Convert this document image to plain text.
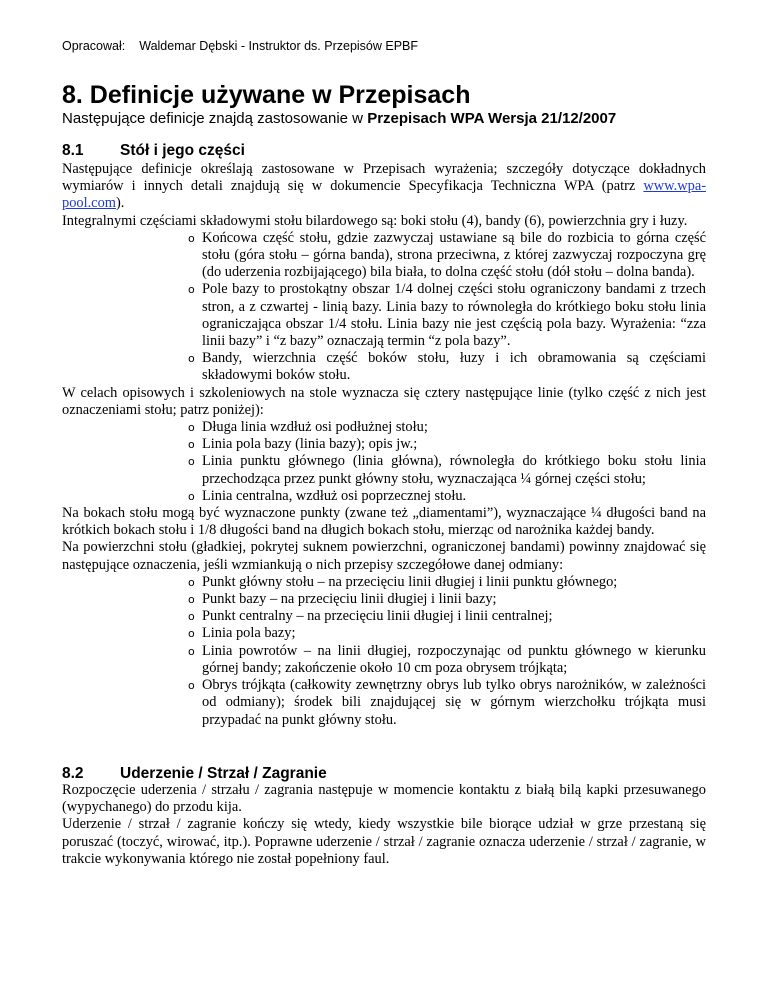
Opracował: Waldemar Dębski - Instruktor ds. Przepisów EPBF
8. Definicje używane w Przepisach
Następujące definicje znajdą zastosowanie w Przepisach WPA Wersja 21/12/2007
8.1 Stół i jego części

Następujące definicje określają zastosowane w Przepisach wyrażenia; szczegóły dotyczące dokładnych wymiarów i innych detali znajdują się w dokumencie Specyfikacja Techniczna WPA (patrz www.wpa-pool.com).

Integralnymi częściami składowymi stołu bilardowego są: boki stołu (4), bandy (6), powierzchnia gry i łuzy.

o Końcowa część stołu, gdzie zazwyczaj ustawiane są bile do rozbicia to górna część stołu (góra stołu – górna banda), strona przeciwna, z której zazwyczaj rozpoczyna grę (do uderzenia rozbijającego) bila biała, to dolna część stołu (dół stołu – dolna banda).
o Pole bazy to prostokątny obszar 1/4 dolnej części stołu ograniczony bandami z trzech stron, a z czwartej - linią bazy. Linia bazy to równoległa do krótkiego boku stołu linia ograniczająca obszar 1/4 stołu. Linia bazy nie jest częścią pola bazy. Wyrażenia: “zza linii bazy” i “z bazy” oznaczają termin “z pola bazy”.
o Bandy, wierzchnia część boków stołu, łuzy i ich obramowania są częściami składowymi boków stołu.

W celach opisowych i szkoleniowych na stole wyznacza się cztery następujące linie (tylko część z nich jest oznaczeniami stołu; patrz poniżej):

o Długa linia wzdłuż osi podłużnej stołu;
o Linia pola bazy (linia bazy); opis jw.;
o Linia punktu głównego (linia główna), równoległa do krótkiego boku stołu linia przechodząca przez punkt główny stołu, wyznaczająca ¼ górnej części stołu;
o Linia centralna, wzdłuż osi poprzecznej stołu.

Na bokach stołu mogą być wyznaczone punkty (zwane też „diamentami”), wyznaczające ¼ długości band na krótkich bokach stołu i 1/8 długości band na długich bokach stołu, mierząc od narożnika każdej bandy.

Na powierzchni stołu (gładkiej, pokrytej suknem powierzchni, ograniczonej bandami) powinny znajdować się następujące oznaczenia, jeśli wzmiankują o nich przepisy szczegółowe danej odmiany:

o Punkt główny stołu – na przecięciu linii długiej i linii punktu głównego;
o Punkt bazy – na przecięciu linii długiej i linii bazy;
o Punkt centralny – na przecięciu linii długiej i linii centralnej;
o Linia pola bazy;
o Linia powrotów – na linii długiej, rozpoczynając od punktu głównego w kierunku górnej bandy; zakończenie około 10 cm poza obrysem trójkąta;
o Obrys trójkąta (całkowity zewnętrzny obrys lub tylko obrys narożników, w zależności od odmiany); środek bili znajdującej się w górnym wierzchołku trójkąta musi przypadać na punkt główny stołu.
8.2 Uderzenie / Strzał / Zagranie

Rozpoczęcie uderzenia / strzału / zagrania następuje w momencie kontaktu z białą bilą kapki przesuwanego (wypychanego) do przodu kija.

Uderzenie / strzał / zagranie kończy się wtedy, kiedy wszystkie bile biorące udział w grze przestaną się poruszać (toczyć, wirować, itp.). Poprawne uderzenie / strzał / zagranie oznacza uderzenie / strzał / zagranie, w trakcie wykonywania którego nie został popełniony faul.
